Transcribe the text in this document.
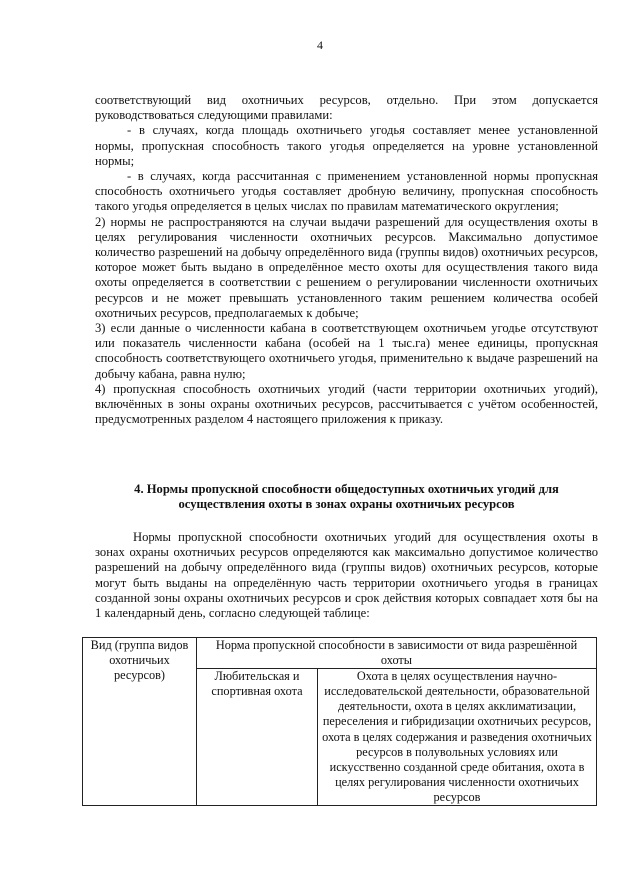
4

соответствующий вид охотничьих ресурсов, отдельно. При этом допускается руководствоваться следующими правилами:

- в случаях, когда площадь охотничьего угодья составляет менее установленной нормы, пропускная способность такого угодья определяется на уровне установленной нормы;

- в случаях, когда рассчитанная с применением установленной нормы пропускная способность охотничьего угодья составляет дробную величину, пропускная способность такого угодья определяется в целых числах по правилам математического округления;

2) нормы не распространяются на случаи выдачи разрешений для осуществления охоты в целях регулирования численности охотничьих ресурсов. Максимально допустимое количество разрешений на добычу определённого вида (группы видов) охотничьих ресурсов, которое может быть выдано в определённое место охоты для осуществления такого вида охоты определяется в соответствии с решением о регулировании численности охотничьих ресурсов и не может превышать установленного таким решением количества особей охотничьих ресурсов, предполагаемых к добыче;

3) если данные о численности кабана в соответствующем охотничьем угодье отсутствуют или показатель численности кабана (особей на 1 тыс.га) менее единицы, пропускная способность соответствующего охотничьего угодья, применительно к выдаче разрешений на добычу кабана, равна нулю;

4) пропускная способность охотничьих угодий (части территории охотничьих угодий), включённых в зоны охраны охотничьих ресурсов, рассчитывается с учётом особенностей, предусмотренных разделом 4 настоящего приложения к приказу.

4. Нормы пропускной способности общедоступных охотничьих угодий для осуществления охоты в зонах охраны охотничьих ресурсов

Нормы пропускной способности охотничьих угодий для осуществления охоты в зонах охраны охотничьих ресурсов определяются как максимально допустимое количество разрешений на добычу определённого вида (группы видов) охотничьих ресурсов, которые могут быть выданы на определённую часть территории охотничьего угодья в границах созданной зоны охраны охотничьих ресурсов и срок действия которых совпадает хотя бы на 1 календарный день, согласно следующей таблице:

Вид (группа видов охотничьих ресурсов)	Норма пропускной способности в зависимости от вида разрешённой охоты	
	Любительская и спортивная охота	Охота в целях осуществления научно-исследовательской деятельности, образовательной деятельности, охота в целях акклиматизации, переселения и гибридизации охотничьих ресурсов, охота в целях содержания и разведения охотничьих ресурсов в полувольных условиях или искусственно созданной среде обитания, охота в целях регулирования численности охотничьих ресурсов
